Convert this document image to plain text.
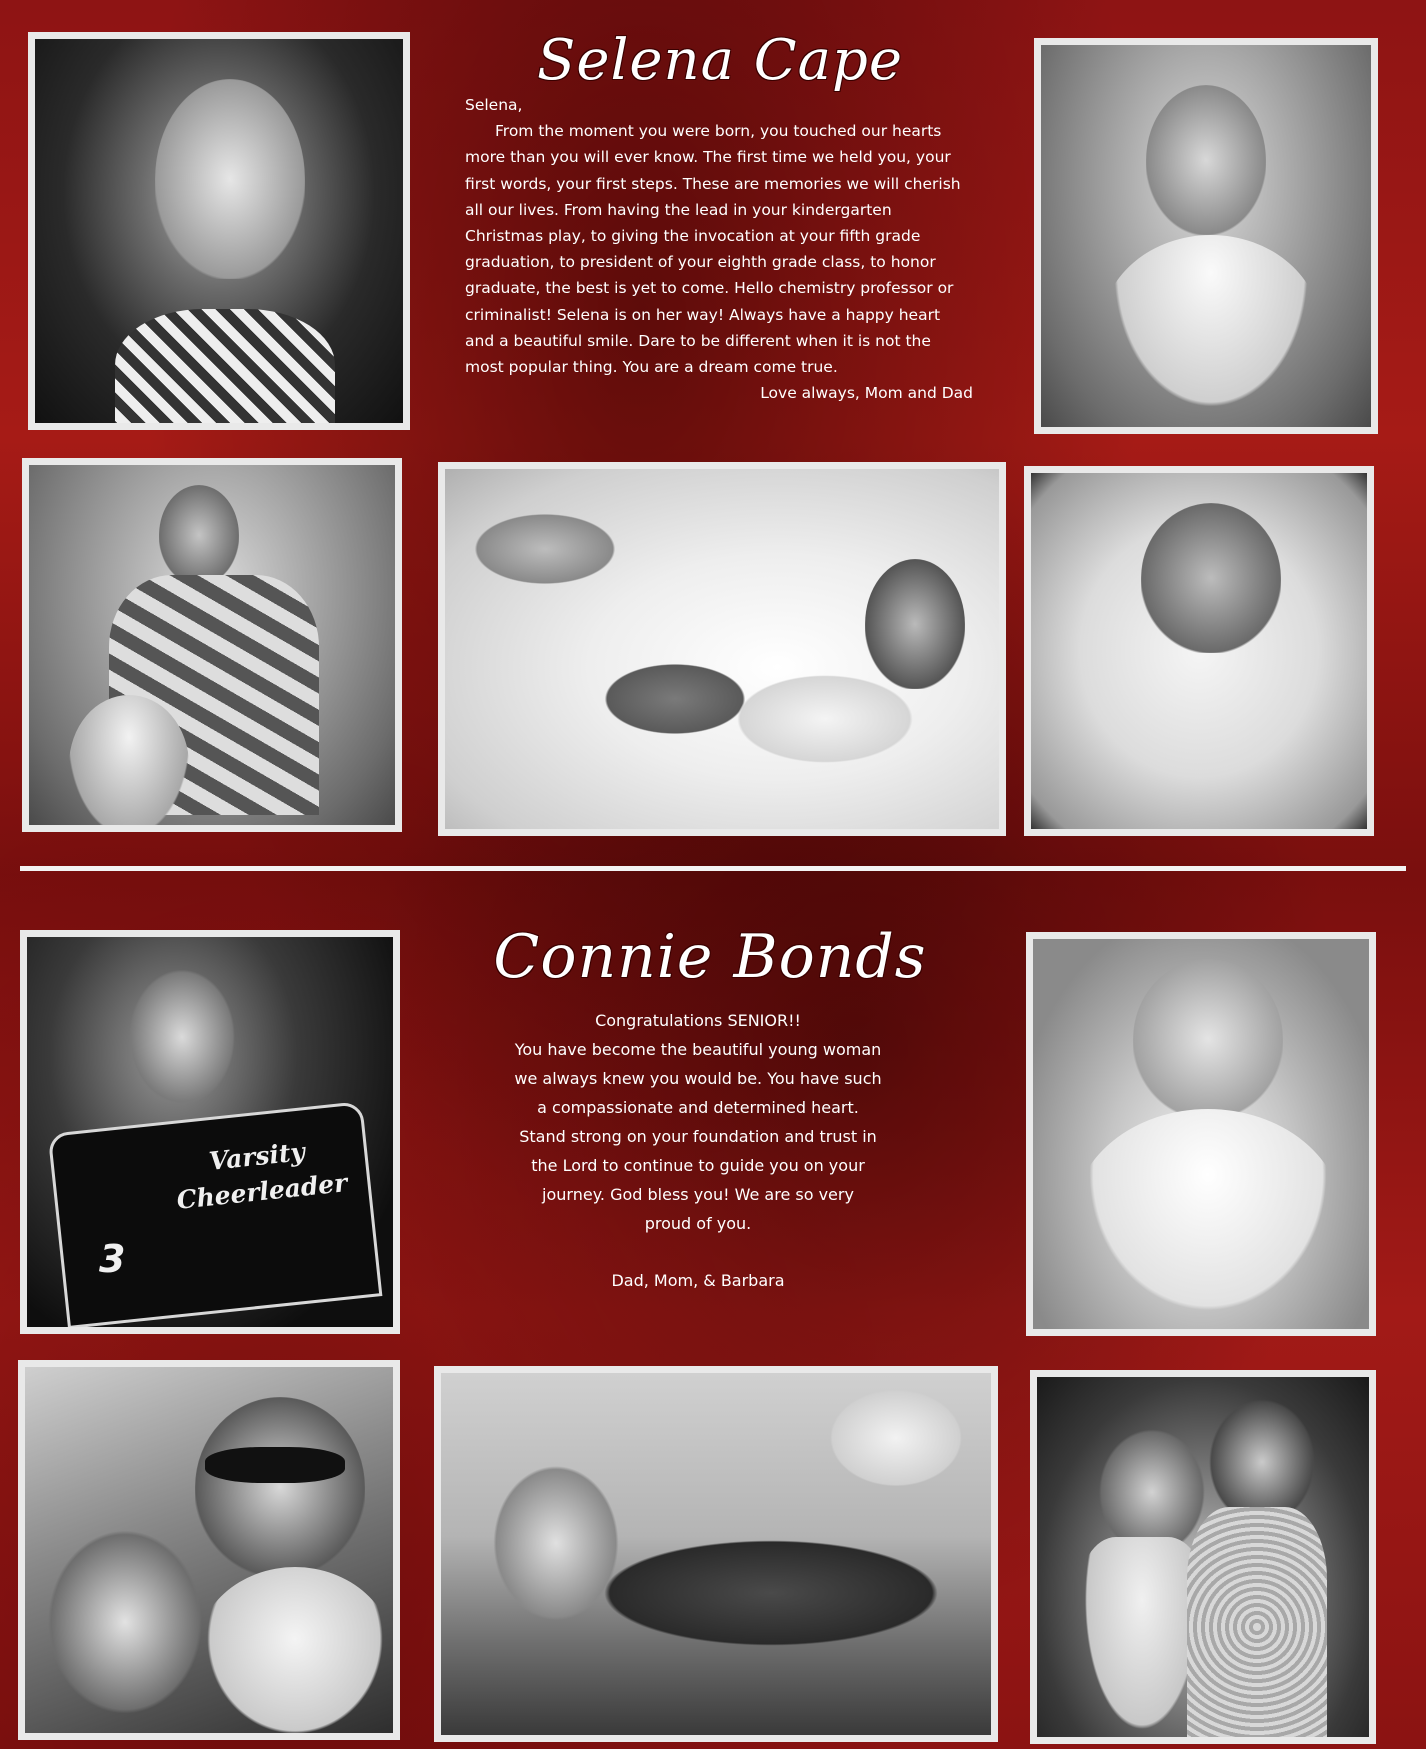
Selena Cape

Selena,

From the moment you were born, you touched our hearts more than you will ever know. The first time we held you, your first words, your first steps. These are memories we will cherish all our lives. From having the lead in your kindergarten Christmas play, to giving the invocation at your fifth grade graduation, to president of your eighth grade class, to honor graduate, the best is yet to come. Hello chemistry professor or criminalist! Selena is on her way! Always have a happy heart and a beautiful smile. Dare to be different when it is not the most popular thing. You are a dream come true.

Love always, Mom and Dad

Varsity
Cheerleader
3
Connie Bonds

Congratulations SENIOR!!

You have become the beautiful young woman

we always knew you would be. You have such

a compassionate and determined heart.

Stand strong on your foundation and trust in

the Lord to continue to guide you on your

journey. God bless you! We are so very

proud of you.

Dad, Mom, & Barbara
